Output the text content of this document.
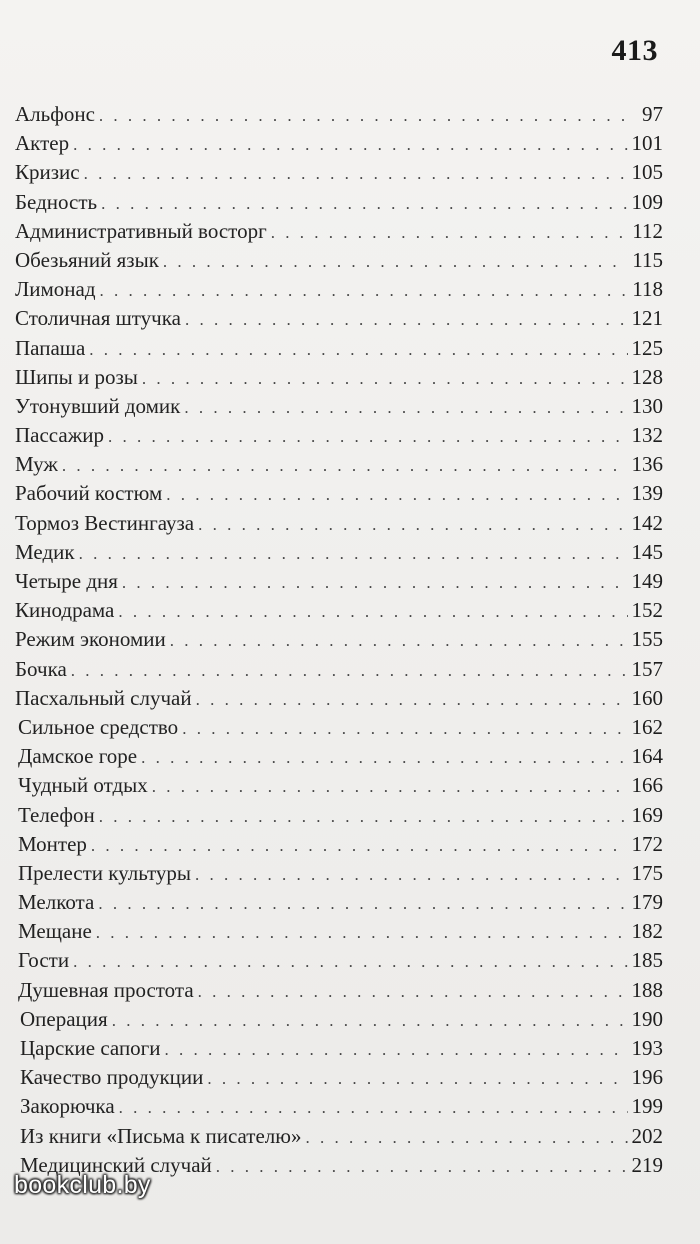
413
Альфонс . . .	97
Актер . . .	101
Кризис . . .	105
Бедность . . .	109
Административный восторг . . .	112
Обезьяний язык . . .	115
Лимонад . . .	118
Столичная штучка . . .	121
Папаша . . .	125
Шипы и розы . . .	128
Утонувший домик . . .	130
Пассажир . . .	132
Муж . . .	136
Рабочий костюм . . .	139
Тормоз Вестингауза . . .	142
Медик . . .	145
Четыре дня . . .	149
Кинодрама . . .	152
Режим экономии . . .	155
Бочка . . .	157
Пасхальный случай . . .	160
Сильное средство . . .	162
Дамское горе . . .	164
Чудный отдых . . .	166
Телефон . . .	169
Монтер . . .	172
Прелести культуры . . .	175
Мелкота . . .	179
Мещане . . .	182
Гости . . .	185
Душевная простота . . .	188
Операция . . .	190
Царские сапоги . . .	193
Качество продукции . . .	196
Закорючка . . .	199
Из книги «Письма к писателю» . . .	202
Медицинский случай . . .	219
bookclub.by
